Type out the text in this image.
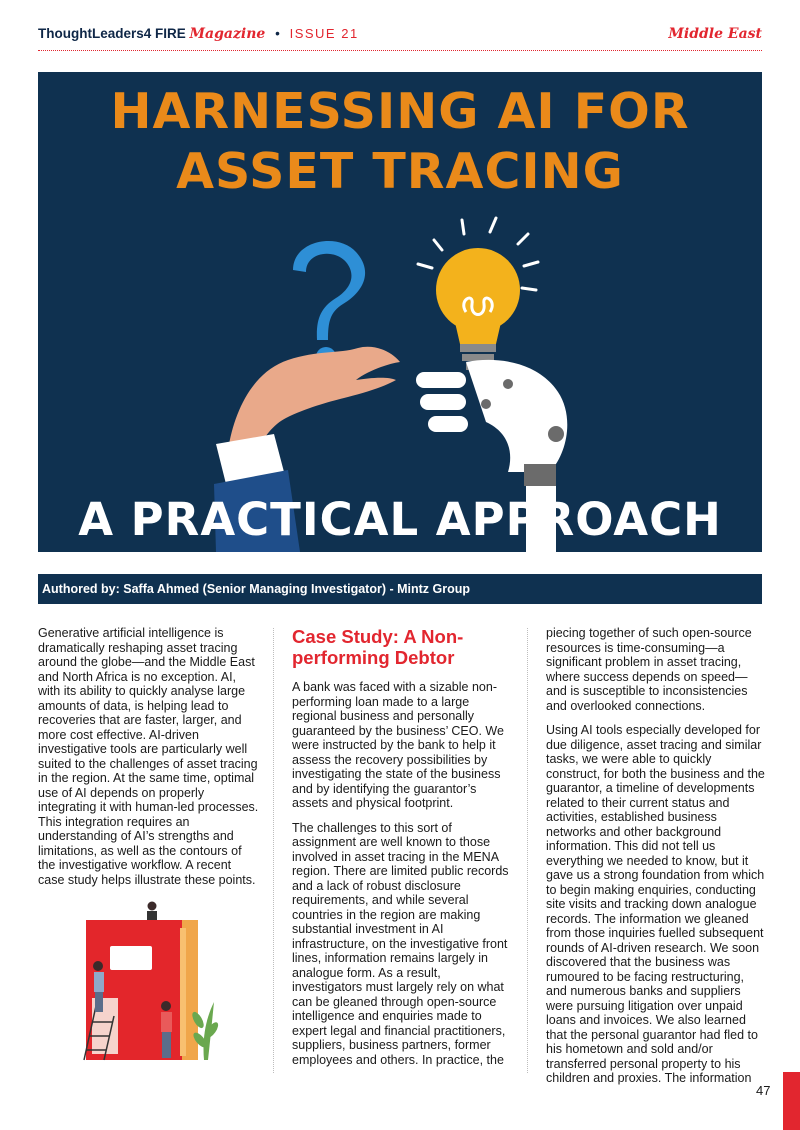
ThoughtLeaders4 FIRE Magazine • ISSUE 21	Middle East
HARNESSING AI FOR
ASSET TRACING
A PRACTICAL APPROACH
Authored by: Saffa Ahmed (Senior Managing Investigator) - Mintz Group

Generative artificial intelligence is dramatically reshaping asset tracing around the globe—and the Middle East and North Africa is no exception. AI, with its ability to quickly analyse large amounts of data, is helping lead to recoveries that are faster, larger, and more cost effective. AI-driven investigative tools are particularly well suited to the challenges of asset tracing in the region. At the same time, optimal use of AI depends on properly integrating it with human-led processes. This integration requires an understanding of AI’s strengths and limitations, as well as the contours of the investigative workflow. A recent case study helps illustrate these points.

Case Study: A Non-performing Debtor

A bank was faced with a sizable non-performing loan made to a large regional business and personally guaranteed by the business’ CEO. We were instructed by the bank to help it assess the recovery possibilities by investigating the state of the business and by identifying the guarantor’s assets and physical footprint.

The challenges to this sort of assignment are well known to those involved in asset tracing in the MENA region. There are limited public records and a lack of robust disclosure requirements, and while several countries in the region are making substantial investment in AI infrastructure, on the investigative front lines, information remains largely in analogue form. As a result, investigators must largely rely on what can be gleaned through open-source intelligence and enquiries made to expert legal and financial practitioners, suppliers, business partners, former employees and others. In practice, the

piecing together of such open-source resources is time-consuming—a significant problem in asset tracing, where success depends on speed—and is susceptible to inconsistencies and overlooked connections.

Using AI tools especially developed for due diligence, asset tracing and similar tasks, we were able to quickly construct, for both the business and the guarantor, a timeline of developments related to their current status and activities, established business networks and other background information. This did not tell us everything we needed to know, but it gave us a strong foundation from which to begin making enquiries, conducting site visits and tracking down analogue records. The information we gleaned from those inquiries fuelled subsequent rounds of AI-driven research. We soon discovered that the business was rumoured to be facing restructuring, and numerous banks and suppliers were pursuing litigation over unpaid loans and invoices. We also learned that the personal guarantor had fled to his hometown and sold and/or transferred personal property to his children and proxies. The information

47
